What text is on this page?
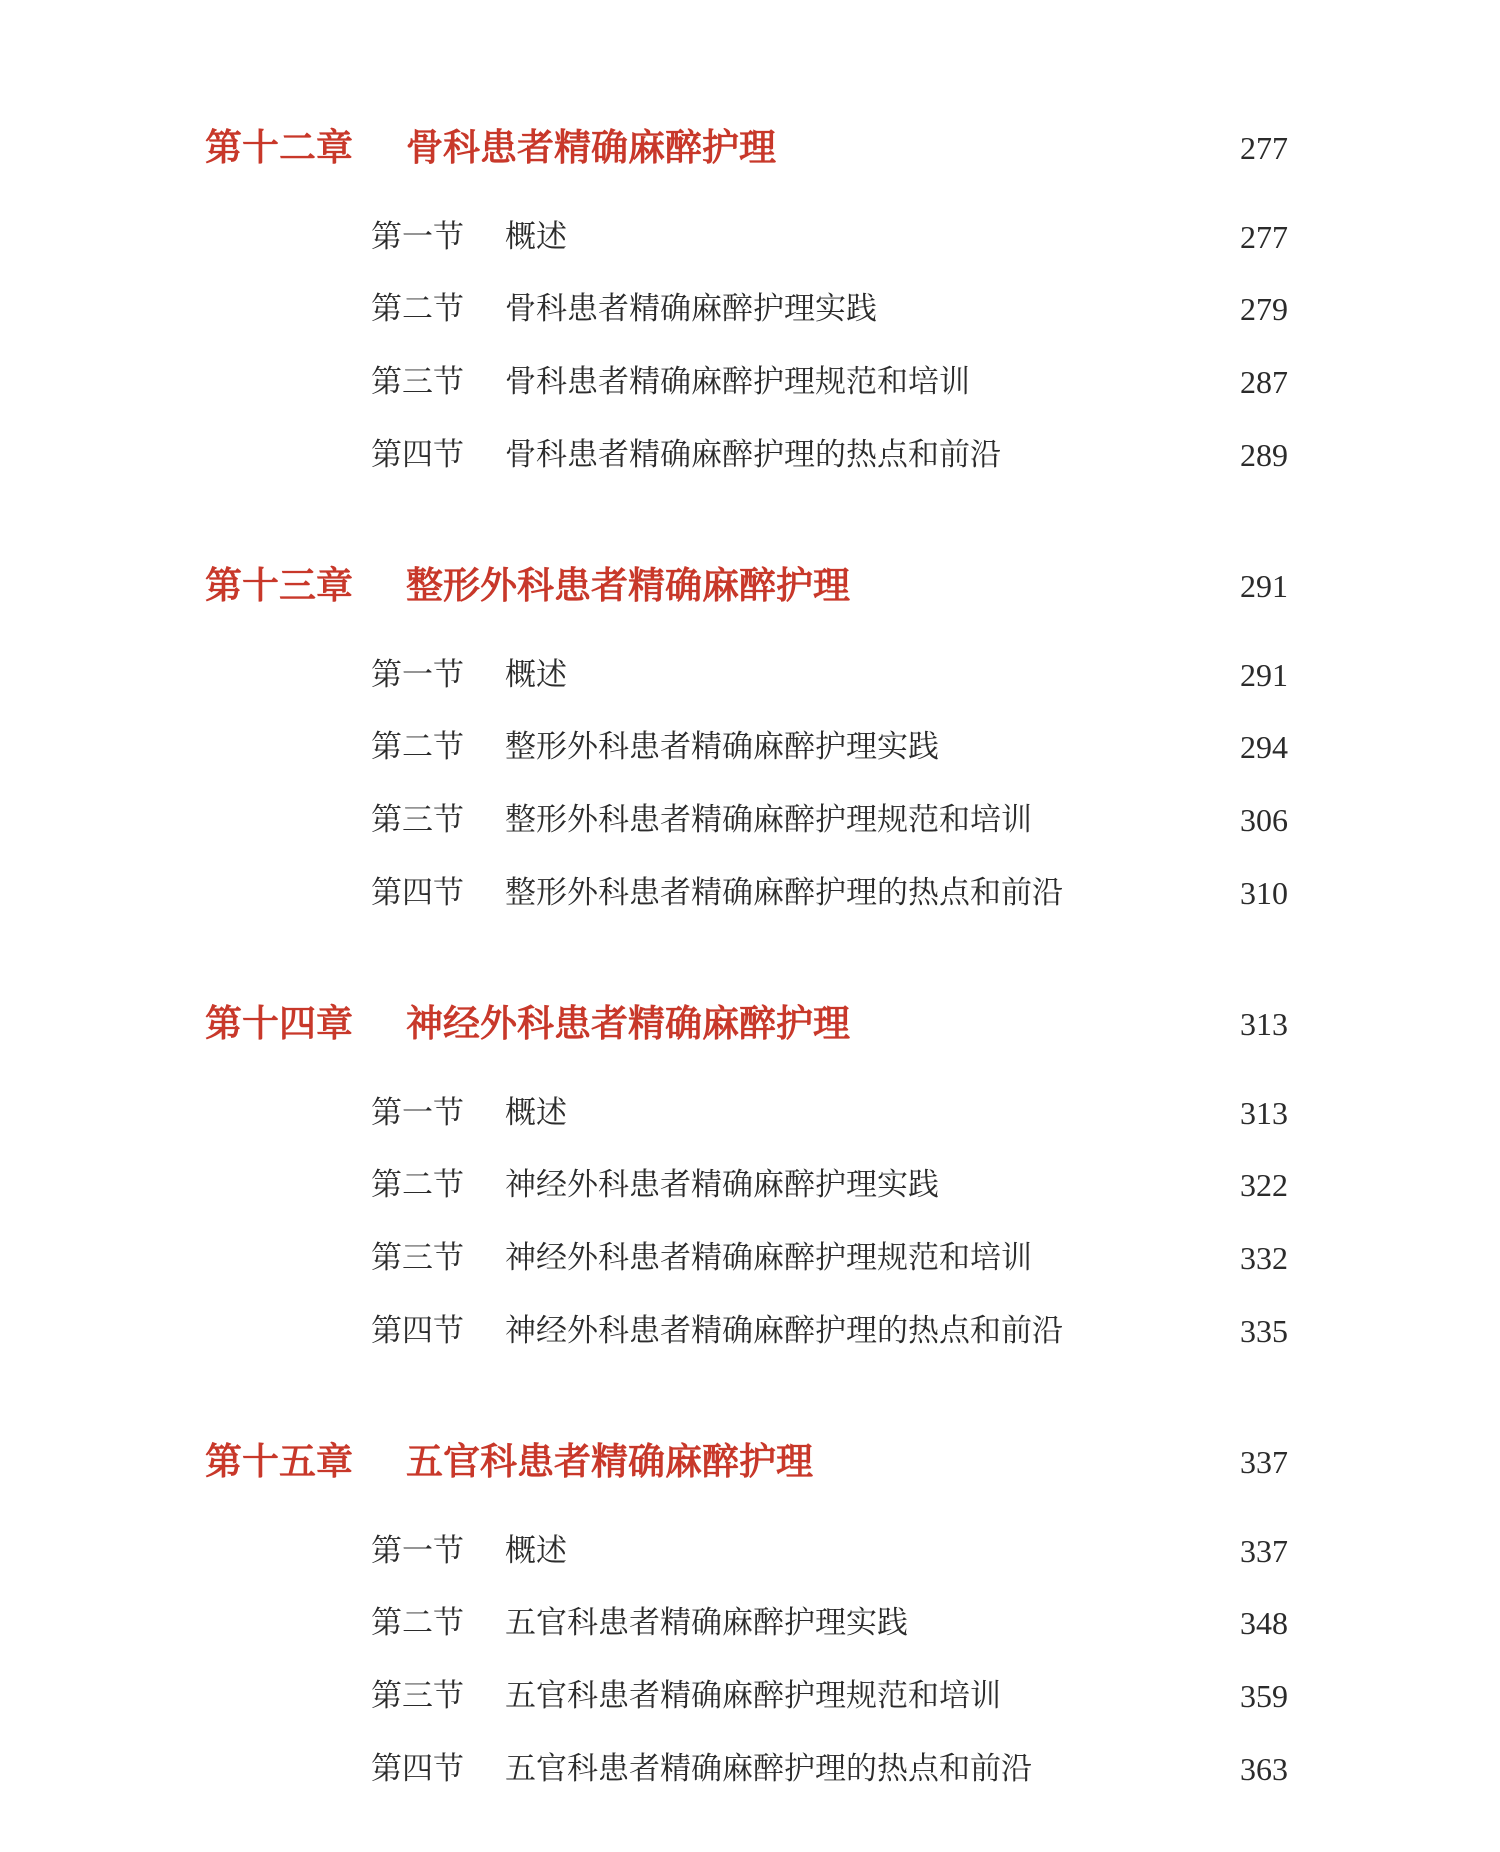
第十二章 骨科患者精确麻醉护理	277
第一节 概述	277
第二节 骨科患者精确麻醉护理实践	279
第三节 骨科患者精确麻醉护理规范和培训	287
第四节 骨科患者精确麻醉护理的热点和前沿	289
第十三章 整形外科患者精确麻醉护理	291
第一节 概述	291
第二节 整形外科患者精确麻醉护理实践	294
第三节 整形外科患者精确麻醉护理规范和培训	306
第四节 整形外科患者精确麻醉护理的热点和前沿	310
第十四章 神经外科患者精确麻醉护理	313
第一节 概述	313
第二节 神经外科患者精确麻醉护理实践	322
第三节 神经外科患者精确麻醉护理规范和培训	332
第四节 神经外科患者精确麻醉护理的热点和前沿	335
第十五章 五官科患者精确麻醉护理	337
第一节 概述	337
第二节 五官科患者精确麻醉护理实践	348
第三节 五官科患者精确麻醉护理规范和培训	359
第四节 五官科患者精确麻醉护理的热点和前沿	363
